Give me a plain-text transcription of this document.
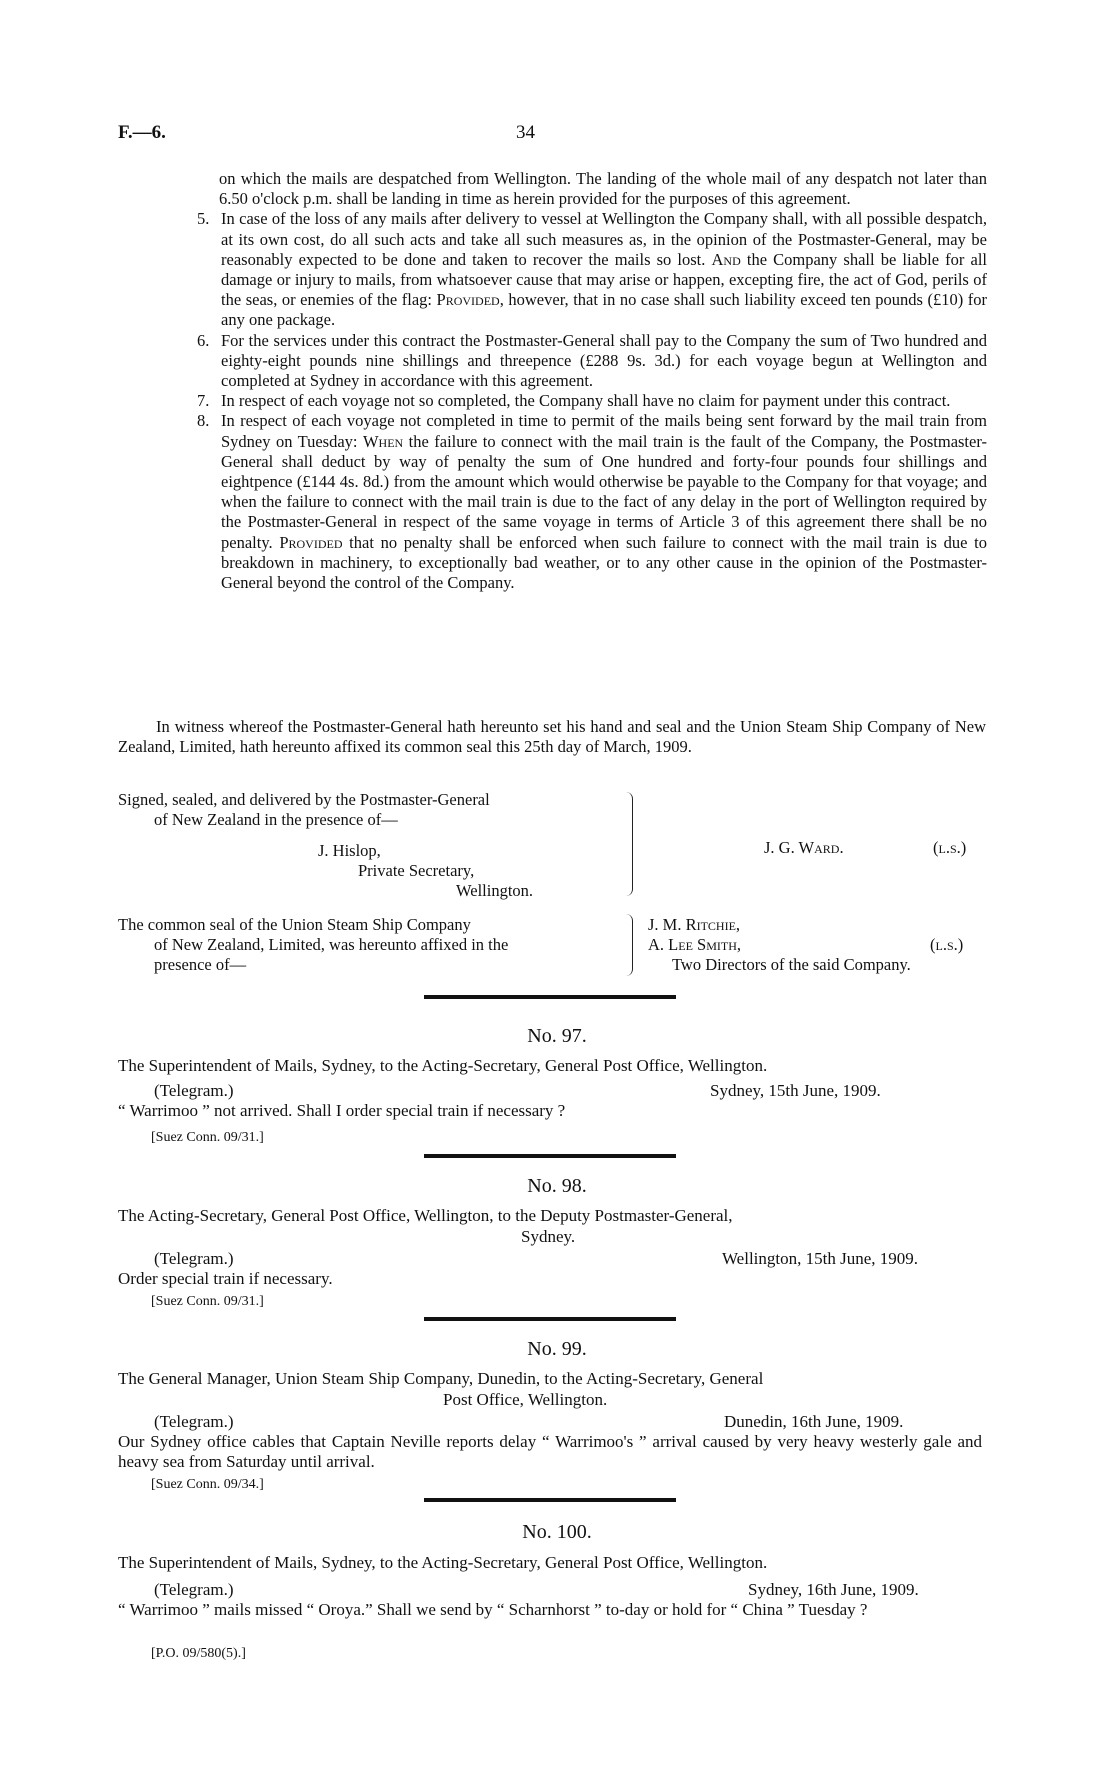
F.—6.	34

on which the mails are despatched from Wellington. The landing of the whole mail of any despatch not later than 6.50 o'clock p.m. shall be landing in time as herein provided for the purposes of this agreement.

5. In case of the loss of any mails after delivery to vessel at Wellington the Company shall, with all possible despatch, at its own cost, do all such acts and take all such measures as, in the opinion of the Postmaster-General, may be reasonably expected to be done and taken to recover the mails so lost. And the Company shall be liable for all damage or injury to mails, from whatsoever cause that may arise or happen, excepting fire, the act of God, perils of the seas, or enemies of the flag: Provided, however, that in no case shall such liability exceed ten pounds (£10) for any one package.

6. For the services under this contract the Postmaster-General shall pay to the Company the sum of Two hundred and eighty-eight pounds nine shillings and threepence (£288 9s. 3d.) for each voyage begun at Wellington and completed at Sydney in accordance with this agreement.

7. In respect of each voyage not so completed, the Company shall have no claim for payment under this contract.

8. In respect of each voyage not completed in time to permit of the mails being sent forward by the mail train from Sydney on Tuesday: When the failure to connect with the mail train is the fault of the Company, the Postmaster-General shall deduct by way of penalty the sum of One hundred and forty-four pounds four shillings and eightpence (£144 4s. 8d.) from the amount which would otherwise be payable to the Company for that voyage; and when the failure to connect with the mail train is due to the fact of any delay in the port of Wellington required by the Postmaster-General in respect of the same voyage in terms of Article 3 of this agreement there shall be no penalty. Provided that no penalty shall be enforced when such failure to connect with the mail train is due to breakdown in machinery, to exceptionally bad weather, or to any other cause in the opinion of the Postmaster-General beyond the control of the Company.

In witness whereof the Postmaster-General hath hereunto set his hand and seal and the Union Steam Ship Company of New Zealand, Limited, hath hereunto affixed its common seal this 25th day of March, 1909.
Signed, sealed, and delivered by the Postmaster-General
of New Zealand in the presence of—
J. Hislop,
Private Secretary,
Wellington.
J. G. Ward.	(l.s.)
The common seal of the Union Steam Ship Company
of New Zealand, Limited, was hereunto affixed in the
presence of—
J. M. Ritchie,
A. Lee Smith,	(l.s.)
Two Directors of the said Company.
No. 97.
The Superintendent of Mails, Sydney, to the Acting-Secretary, General Post Office, Wellington.
(Telegram.)	Sydney, 15th June, 1909.
“ Warrimoo ” not arrived. Shall I order special train if necessary ?
[Suez Conn. 09/31.]
No. 98.
The Acting-Secretary, General Post Office, Wellington, to the Deputy Postmaster-General,
Sydney.
(Telegram.)	Wellington, 15th June, 1909.
Order special train if necessary.
[Suez Conn. 09/31.]
No. 99.
The General Manager, Union Steam Ship Company, Dunedin, to the Acting-Secretary, General
Post Office, Wellington.
(Telegram.)	Dunedin, 16th June, 1909.
Our Sydney office cables that Captain Neville reports delay “ Warrimoo's ” arrival caused by very heavy westerly gale and heavy sea from Saturday until arrival.
[Suez Conn. 09/34.]
No. 100.
The Superintendent of Mails, Sydney, to the Acting-Secretary, General Post Office, Wellington.
(Telegram.)	Sydney, 16th June, 1909.
“ Warrimoo ” mails missed “ Oroya.” Shall we send by “ Scharnhorst ” to-day or hold for “ China ” Tuesday ?
[P.O. 09/580(5).]
